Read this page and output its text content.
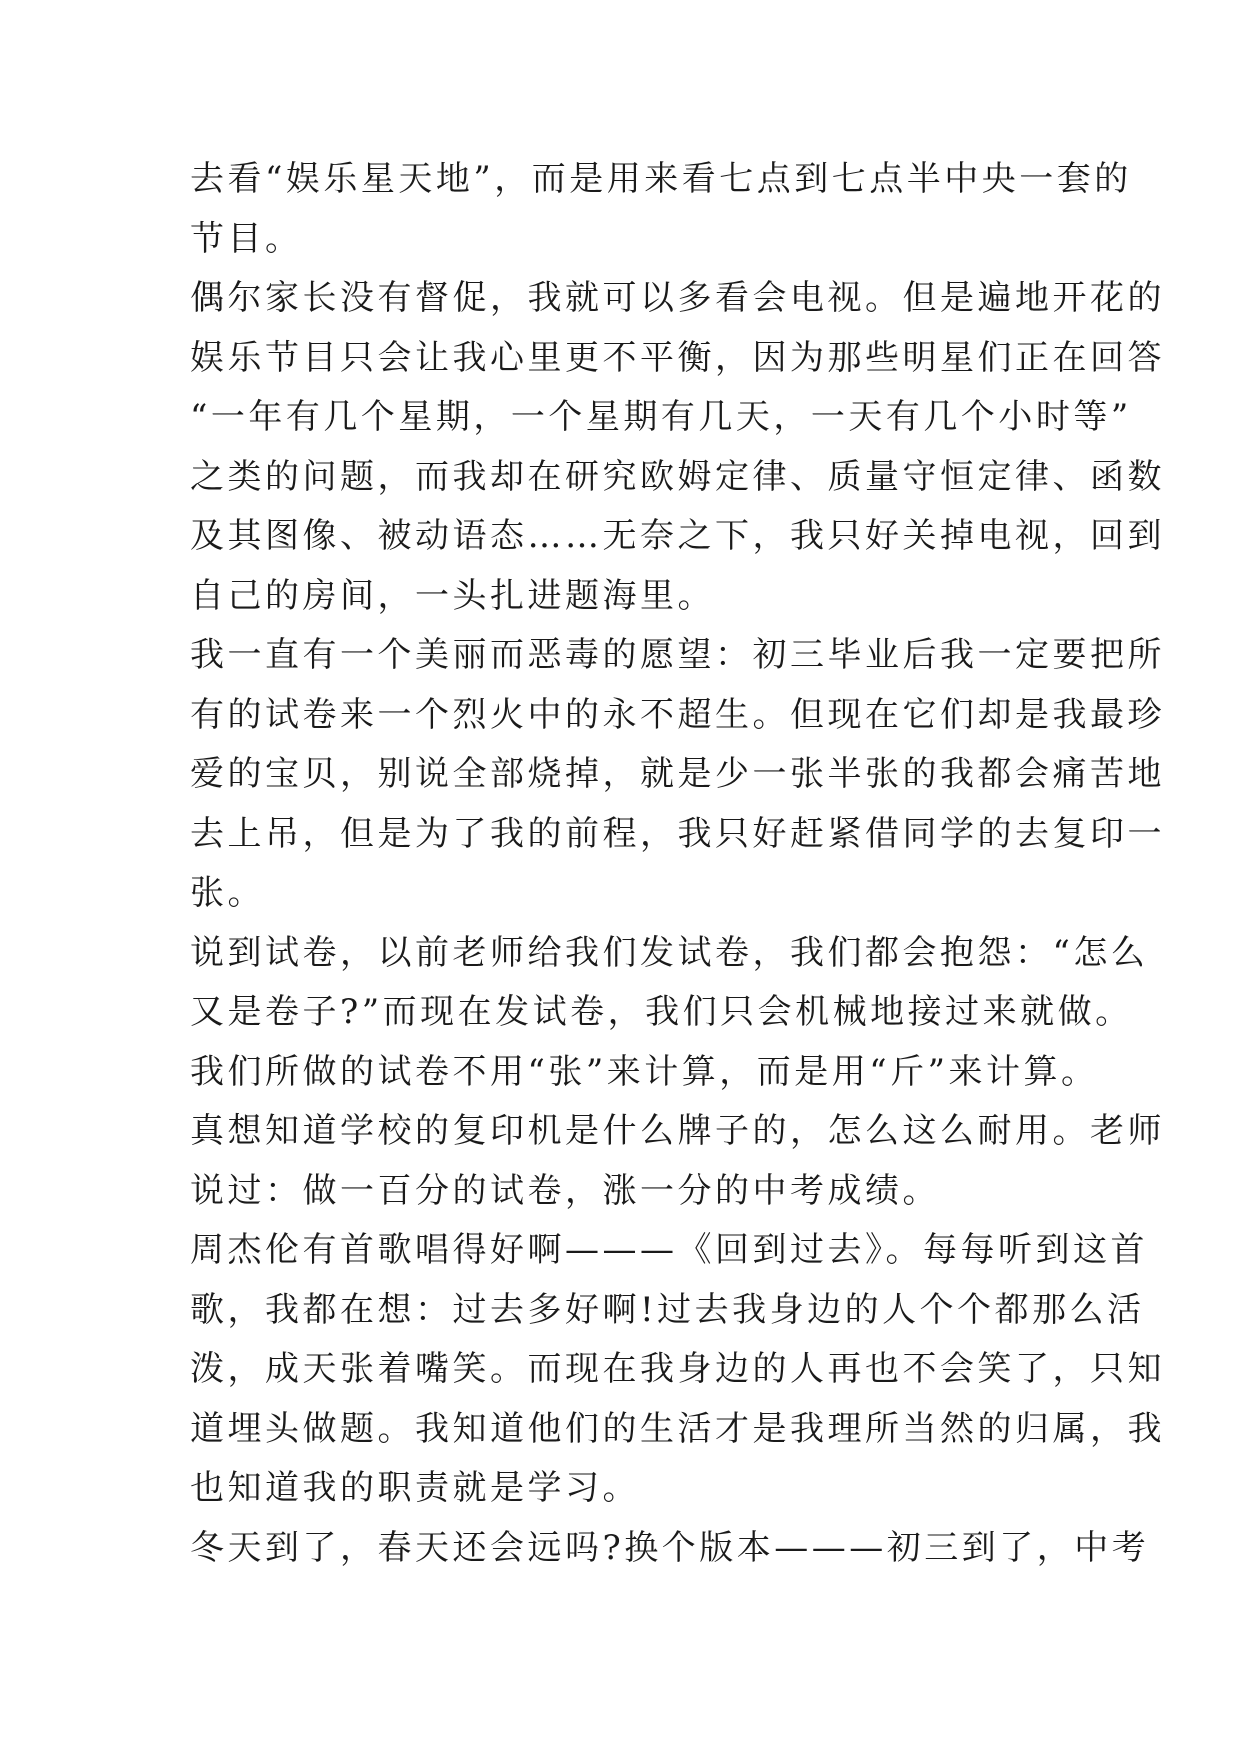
去看“娱乐星天地”，而是用来看七点到七点半中央一套的
节目。
偶尔家长没有督促，我就可以多看会电视。但是遍地开花的
娱乐节目只会让我心里更不平衡，因为那些明星们正在回答
“一年有几个星期，一个星期有几天，一天有几个小时等”
之类的问题，而我却在研究欧姆定律、质量守恒定律、函数
及其图像、被动语态……无奈之下，我只好关掉电视，回到
自己的房间，一头扎进题海里。
我一直有一个美丽而恶毒的愿望：初三毕业后我一定要把所
有的试卷来一个烈火中的永不超生。但现在它们却是我最珍
爱的宝贝，别说全部烧掉，就是少一张半张的我都会痛苦地
去上吊，但是为了我的前程，我只好赶紧借同学的去复印一
张。
说到试卷，以前老师给我们发试卷，我们都会抱怨：“怎么
又是卷子?”而现在发试卷，我们只会机械地接过来就做。
我们所做的试卷不用“张”来计算，而是用“斤”来计算。
真想知道学校的复印机是什么牌子的，怎么这么耐用。老师
说过：做一百分的试卷，涨一分的中考成绩。
周杰伦有首歌唱得好啊———《回到过去》。每每听到这首
歌，我都在想：过去多好啊!过去我身边的人个个都那么活
泼，成天张着嘴笑。而现在我身边的人再也不会笑了，只知
道埋头做题。我知道他们的生活才是我理所当然的归属，我
也知道我的职责就是学习。
冬天到了，春天还会远吗?换个版本———初三到了，中考
